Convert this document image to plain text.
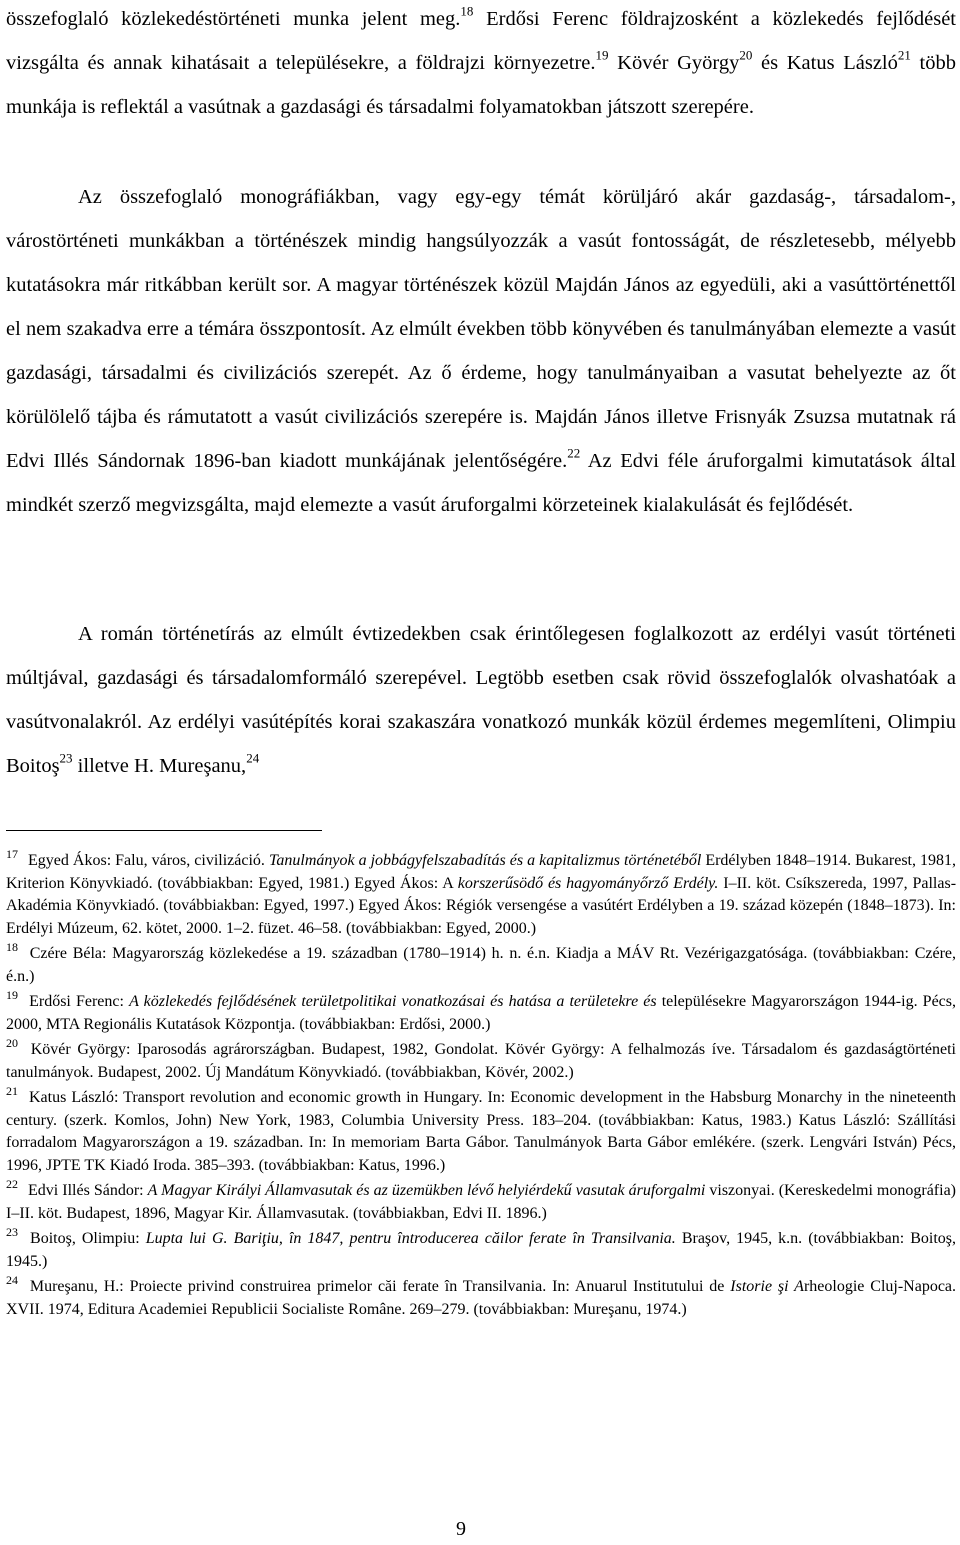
összefoglaló közlekedéstörténeti munka jelent meg.$^{18}$ Erdősi Ferenc földrajzosként a közlekedés fejlődését vizsgálta és annak kihatásait a településekre, a földrajzi környezetre.$^{19}$ Kövér György$^{20}$ és Katus László$^{21}$ több munkája is reflektál a vasútnak a gazdasági és társadalmi folyamatokban játszott szerepére.

Az összefoglaló monográfiákban, vagy egy-egy témát körüljáró akár gazdaság-, társadalom-, várostörténeti munkákban a történészek mindig hangsúlyozzák a vasút fontosságát, de részletesebb, mélyebb kutatásokra már ritkábban került sor. A magyar történészek közül Majdán János az egyedüli, aki a vasúttörténettől el nem szakadva erre a témára összpontosít. Az elmúlt években több könyvében és tanulmányában elemezte a vasút gazdasági, társadalmi és civilizációs szerepét. Az ő érdeme, hogy tanulmányaiban a vasutat behelyezte az őt körülölelő tájba és rámutatott a vasút civilizációs szerepére is. Majdán János illetve Frisnyák Zsuzsa mutatnak rá Edvi Illés Sándornak 1896-ban kiadott munkájának jelentőségére.$^{22}$ Az Edvi féle áruforgalmi kimutatások által mindkét szerző megvizsgálta, majd elemezte a vasút áruforgalmi körzeteinek kialakulását és fejlődését.

A román történetírás az elmúlt évtizedekben csak érintőlegesen foglalkozott az erdélyi vasút történeti múltjával, gazdasági és társadalomformáló szerepével. Legtöbb esetben csak rövid összefoglalók olvashatóak a vasútvonalakról. Az erdélyi vasútépítés korai szakaszára vonatkozó munkák közül érdemes megemlíteni, Olimpiu Boitoş$^{23}$ illetve H. Mureşanu,$^{24}$

$^{17}$ Egyed Ákos: Falu, város, civilizáció. Tanulmányok a jobbágyfelszabadítás és a kapitalizmus történetéből Erdélyben 1848–1914. Bukarest, 1981, Kriterion Könyvkiadó. (továbbiakban: Egyed, 1981.) Egyed Ákos: A korszerűsödő és hagyományőrző Erdély. I–II. köt. Csíkszereda, 1997, Pallas-Akadémia Könyvkiadó. (továbbiakban: Egyed, 1997.) Egyed Ákos: Régiók versengése a vasútért Erdélyben a 19. század közepén (1848–1873). In: Erdélyi Múzeum, 62. kötet, 2000. 1–2. füzet. 46–58. (továbbiakban: Egyed, 2000.)

$^{18}$ Czére Béla: Magyarország közlekedése a 19. században (1780–1914) h. n. é.n. Kiadja a MÁV Rt. Vezérigazgatósága. (továbbiakban: Czére, é.n.)

$^{19}$ Erdősi Ferenc: A közlekedés fejlődésének területpolitikai vonatkozásai és hatása a területekre és településekre Magyarországon 1944-ig. Pécs, 2000, MTA Regionális Kutatások Központja. (továbbiakban: Erdősi, 2000.)

$^{20}$ Kövér György: Iparosodás agrárországban. Budapest, 1982, Gondolat. Kövér György: A felhalmozás íve. Társadalom és gazdaságtörténeti tanulmányok. Budapest, 2002. Új Mandátum Könyvkiadó. (továbbiakban, Kövér, 2002.)

$^{21}$ Katus László: Transport revolution and economic growth in Hungary. In: Economic development in the Habsburg Monarchy in the nineteenth century. (szerk. Komlos, John) New York, 1983, Columbia University Press. 183–204. (továbbiakban: Katus, 1983.) Katus László: Szállítási forradalom Magyarországon a 19. században. In: In memoriam Barta Gábor. Tanulmányok Barta Gábor emlékére. (szerk. Lengvári István) Pécs, 1996, JPTE TK Kiadó Iroda. 385–393. (továbbiakban: Katus, 1996.)

$^{22}$ Edvi Illés Sándor: A Magyar Királyi Államvasutak és az üzemükben lévő helyiérdekű vasutak áruforgalmi viszonyai. (Kereskedelmi monográfia) I–II. köt. Budapest, 1896, Magyar Kir. Államvasutak. (továbbiakban, Edvi II. 1896.)

$^{23}$ Boitoş, Olimpiu: Lupta lui G. Bariţiu, în 1847, pentru întroducerea căilor ferate în Transilvania. Braşov, 1945, k.n. (továbbiakban: Boitoş, 1945.)

$^{24}$ Mureşanu, H.: Proiecte privind construirea primelor căi ferate în Transilvania. In: Anuarul Institutului de Istorie şi Arheologie Cluj-Napoca. XVII. 1974, Editura Academiei Republicii Socialiste Române. 269–279. (továbbiakban: Mureşanu, 1974.)

9
